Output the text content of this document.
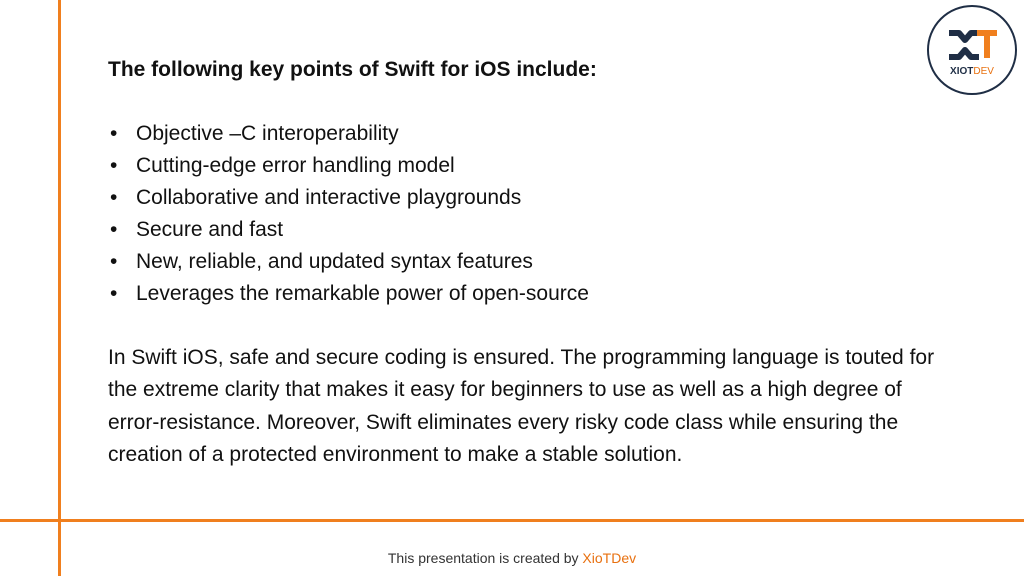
XIOT DEV
The following key points of Swift for iOS include:
• Objective –C interoperability
• Cutting-edge error handling model
• Collaborative and interactive playgrounds
• Secure and fast
• New, reliable, and updated syntax features
• Leverages the remarkable power of open-source
In Swift iOS, safe and secure coding is ensured. The programming language is touted for the extreme clarity that makes it easy for beginners to use as well as a high degree of error-resistance. Moreover, Swift eliminates every risky code class while ensuring the creation of a protected environment to make a stable solution.
This presentation is created by XioTDev
